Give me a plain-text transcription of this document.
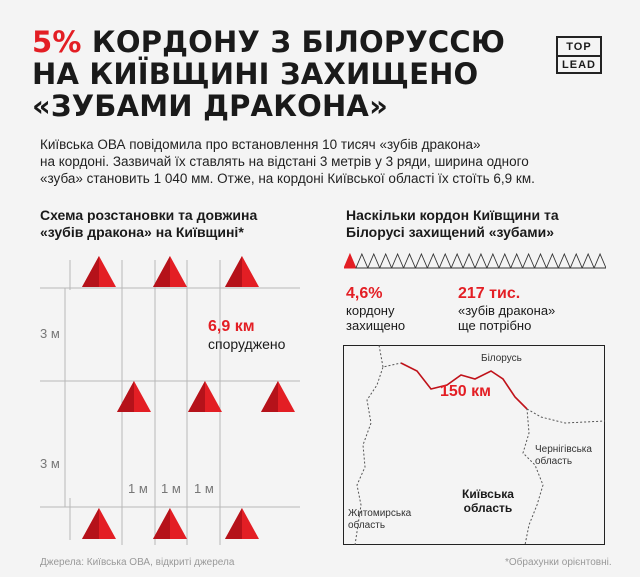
5% КОРДОНУ З БІЛОРУССЮ
НА КИЇВЩИНІ ЗАХИЩЕНО
«ЗУБАМИ ДРАКОНА»
TOP
LEAD
Київська ОВА повідомила про встановлення 10 тисяч «зубів дракона»
на кордоні. Зазвичай їх ставлять на відстані 3 метрів у 3 ряди, ширина одного
«зуба» становить 1 040 мм. Отже, на кордоні Київської області їх стоїть 6,9 км.
Схема розстановки та довжина
«зубів дракона» на Київщині*
3 м
3 м
1 м 1 м 1 м
6,9 км
споруджено
Наскільки кордон Київщини та
Білорусі захищений «зубами»
4,6%
кордону
захищено
217 тис.
«зубів дракона»
ще потрібно
Білорусь
150 км
Чернігівська
область
Київська
область
Житомирська
область
Джерела: Київська ОВА, відкриті джерела	*Обрахунки орієнтовні.
